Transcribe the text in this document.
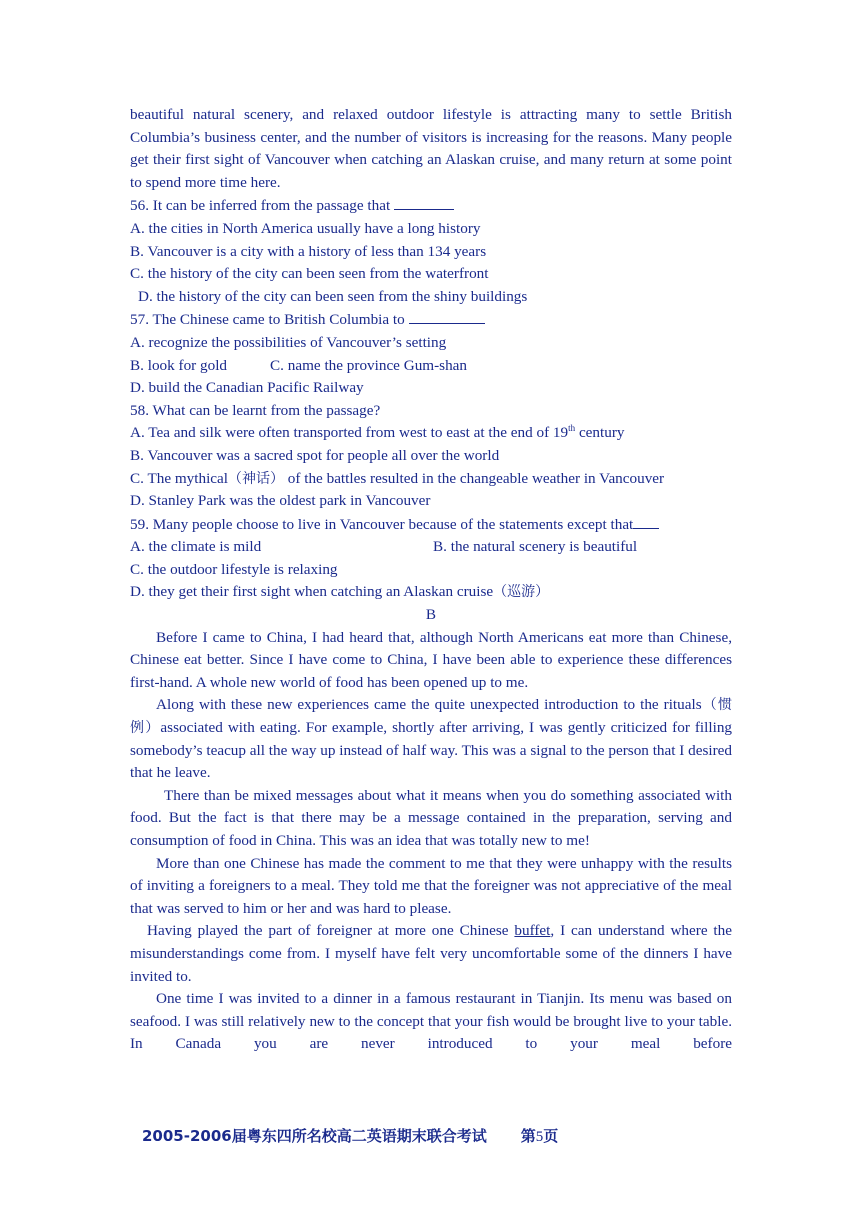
beautiful natural scenery, and relaxed outdoor lifestyle is attracting many to settle British Columbia’s business center, and the number of visitors is increasing for the reasons. Many people get their first sight of Vancouver when catching an Alaskan cruise, and many return at some point to spend more time here.

56. It can be inferred from the passage that

A. the cities in North America usually have a long history

B. Vancouver is a city with a history of less than 134 years

C. the history of the city can been seen from the waterfront

D. the history of the city can been seen from the shiny buildings

57. The Chinese came to British Columbia to

A. recognize the possibilities of Vancouver’s setting

B. look for gold	C. name the province Gum-shan

D. build the Canadian Pacific Railway

58. What can be learnt from the passage?

A. Tea and silk were often transported from west to east at the end of 19th century

B. Vancouver was a sacred spot for people all over the world

C. The mythical（神话） of the battles resulted in the changeable weather in Vancouver

D. Stanley Park was the oldest park in Vancouver

59. Many people choose to live in Vancouver because of the statements except that

A. the climate is mild	B. the natural scenery is beautiful

C. the outdoor lifestyle is relaxing

D. they get their first sight when catching an Alaskan cruise（巡游）

B

Before I came to China, I had heard that, although North Americans eat more than Chinese, Chinese eat better. Since I have come to China, I have been able to experience these differences first-hand. A whole new world of food has been opened up to me.

Along with these new experiences came the quite unexpected introduction to the rituals（惯例）associated with eating. For example, shortly after arriving, I was gently criticized for filling somebody’s teacup all the way up instead of half way. This was a signal to the person that I desired that he leave.

There than be mixed messages about what it means when you do something associated with food. But the fact is that there may be a message contained in the preparation, serving and consumption of food in China. This was an idea that was totally new to me!

More than one Chinese has made the comment to me that they were unhappy with the results of inviting a foreigners to a meal. They told me that the foreigner was not appreciative of the meal that was served to him or her and was hard to please.

Having played the part of foreigner at more one Chinese buffet, I can understand where the misunderstandings come from. I myself have felt very uncomfortable some of the dinners I have invited to.

One time I was invited to a dinner in a famous restaurant in Tianjin. Its menu was based on seafood. I was still relatively new to the concept that your fish would be brought live to your table. In Canada you are never introduced to your meal before

2005-2006届粤东四所名校高二英语期末联合考试 第5页
